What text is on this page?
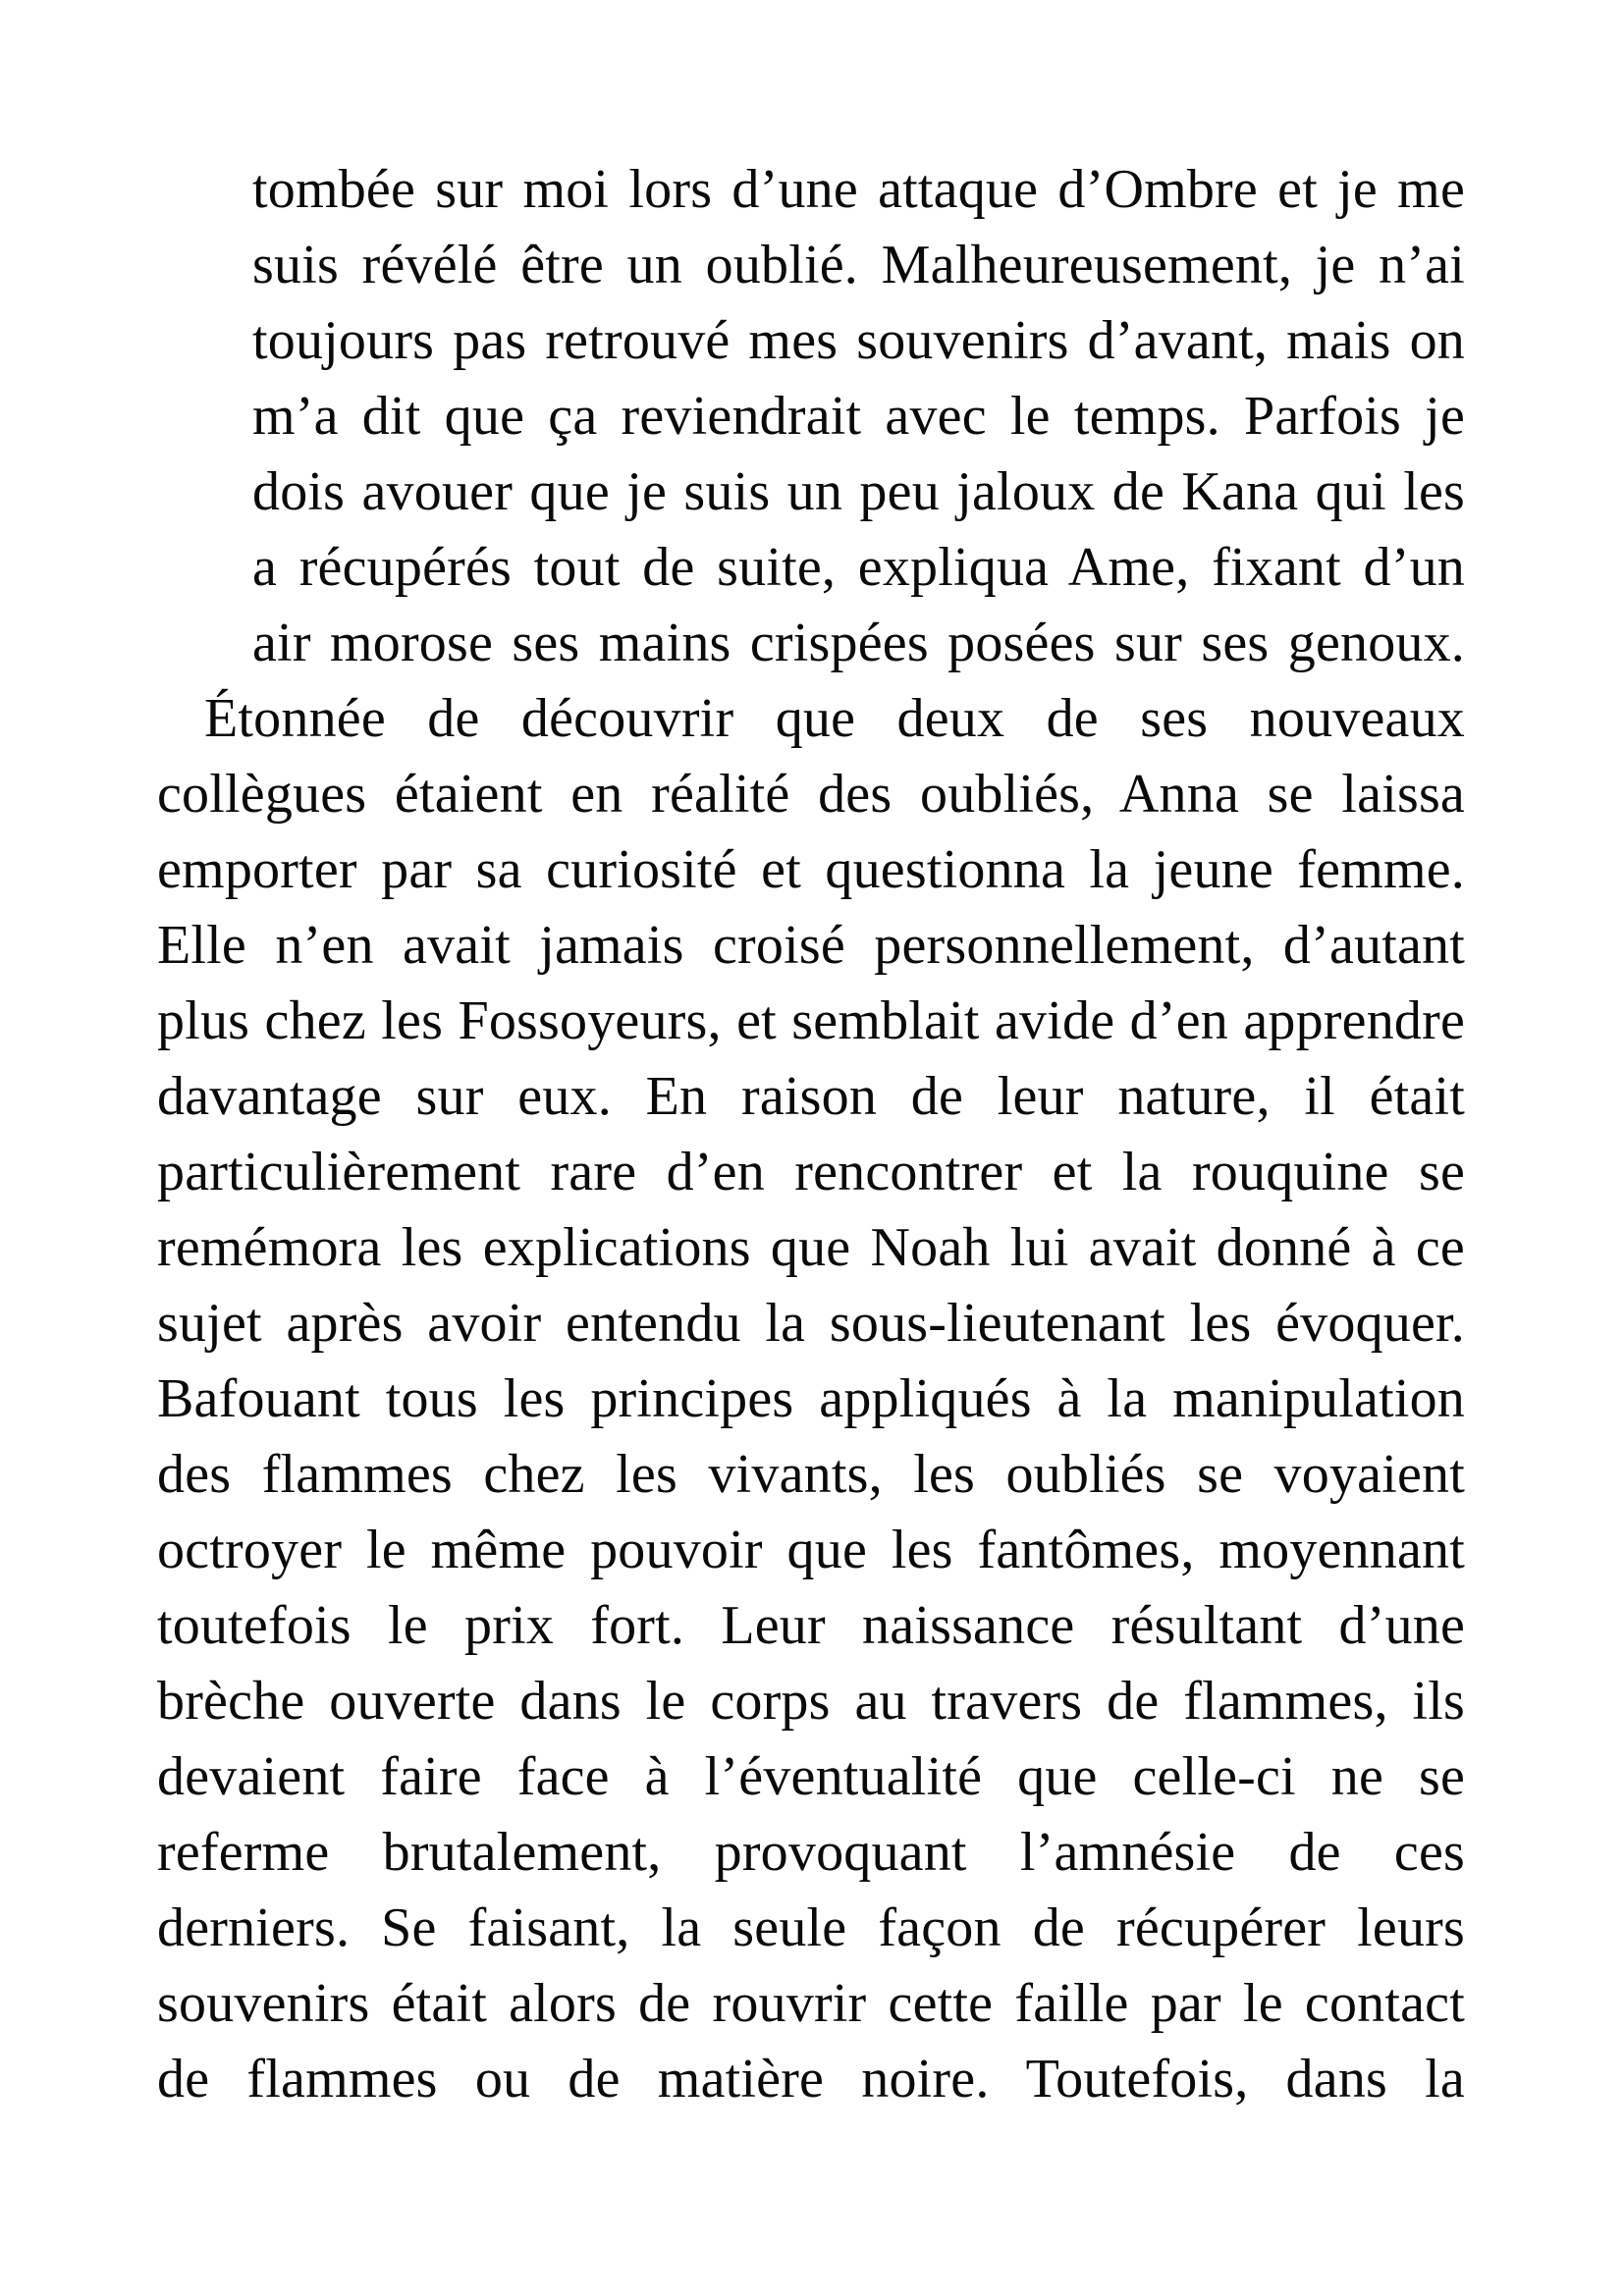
tombée sur moi lors d’une attaque d’Ombre et je me
suis révélé être un oublié. Malheureusement, je n’ai
toujours pas retrouvé mes souvenirs d’avant, mais on
m’a dit que ça reviendrait avec le temps. Parfois je
dois avouer que je suis un peu jaloux de Kana qui les
a récupérés tout de suite, expliqua Ame, fixant d’un
air morose ses mains crispées posées sur ses genoux.
Étonnée de découvrir que deux de ses nouveaux
collègues étaient en réalité des oubliés, Anna se laissa
emporter par sa curiosité et questionna la jeune femme.
Elle n’en avait jamais croisé personnellement, d’autant
plus chez les Fossoyeurs, et semblait avide d’en apprendre
davantage sur eux. En raison de leur nature, il était
particulièrement rare d’en rencontrer et la rouquine se
remémora les explications que Noah lui avait donné à ce
sujet après avoir entendu la sous-lieutenant les évoquer.
Bafouant tous les principes appliqués à la manipulation
des flammes chez les vivants, les oubliés se voyaient
octroyer le même pouvoir que les fantômes, moyennant
toutefois le prix fort. Leur naissance résultant d’une
brèche ouverte dans le corps au travers de flammes, ils
devaient faire face à l’éventualité que celle-ci ne se
referme brutalement, provoquant l’amnésie de ces
derniers. Se faisant, la seule façon de récupérer leurs
souvenirs était alors de rouvrir cette faille par le contact
de flammes ou de matière noire. Toutefois, dans la
